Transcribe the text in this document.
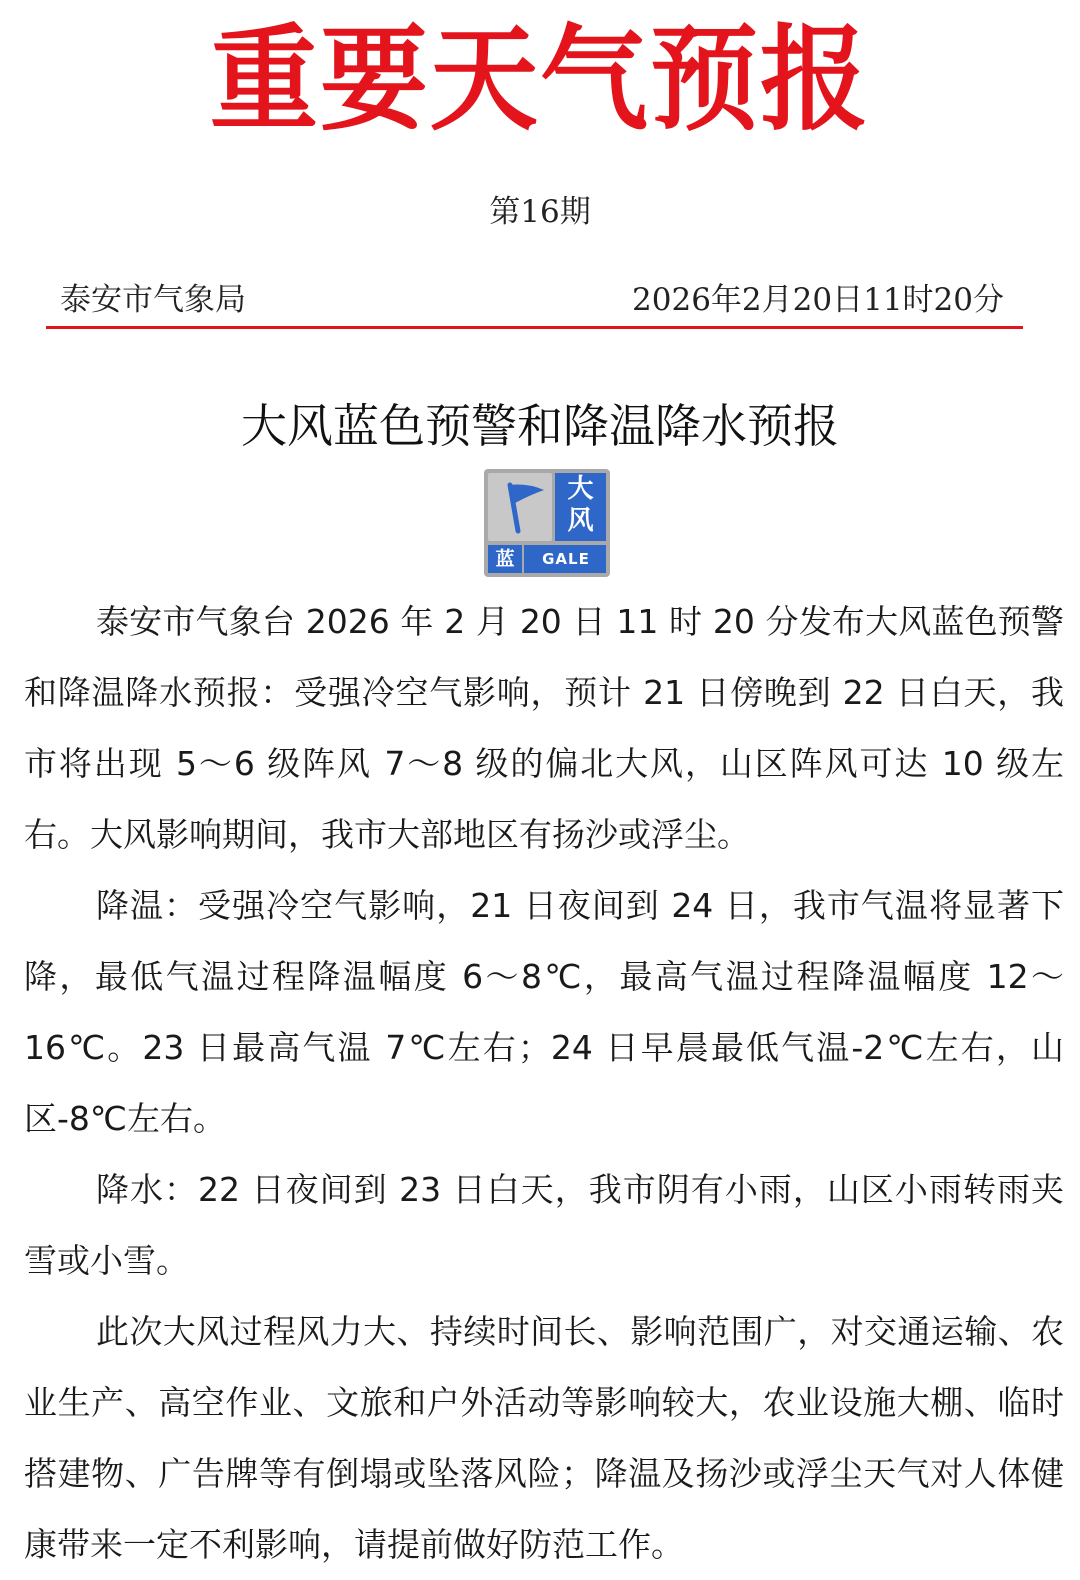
重要天气预报
第16期
泰安市气象局	2026年2月20日11时20分
大风蓝色预警和降温降水预报
大
风
蓝	GALE

泰安市气象台 2026 年 2 月 20 日 11 时 20 分发布大风蓝色预警和降温降水预报：受强冷空气影响，预计 21 日傍晚到 22 日白天，我市将出现 5～6 级阵风 7～8 级的偏北大风，山区阵风可达 10 级左右。大风影响期间，我市大部地区有扬沙或浮尘。

降温：受强冷空气影响，21 日夜间到 24 日，我市气温将显著下降，最低气温过程降温幅度 6～8℃，最高气温过程降温幅度 12～16℃。23 日最高气温 7℃左右；24 日早晨最低气温-2℃左右，山区-8℃左右。

降水：22 日夜间到 23 日白天，我市阴有小雨，山区小雨转雨夹雪或小雪。

此次大风过程风力大、持续时间长、影响范围广，对交通运输、农业生产、高空作业、文旅和户外活动等影响较大，农业设施大棚、临时搭建物、广告牌等有倒塌或坠落风险；降温及扬沙或浮尘天气对人体健康带来一定不利影响，请提前做好防范工作。
